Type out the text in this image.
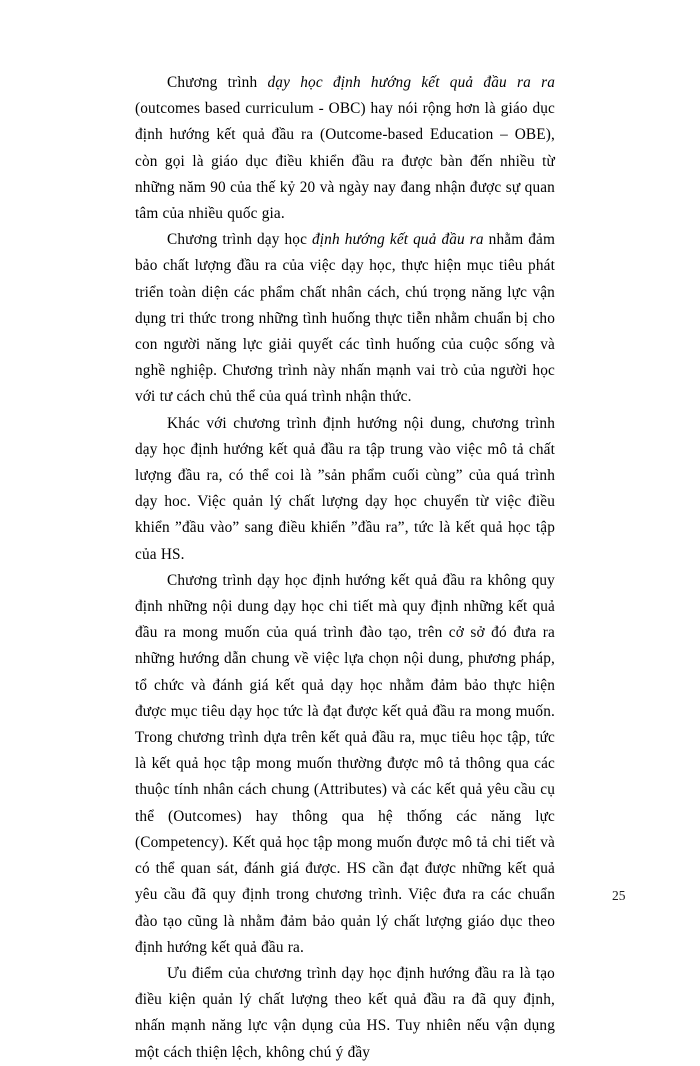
Chương trình dạy học định hướng kết quả đầu ra ra (outcomes based curriculum - OBC) hay nói rộng hơn là giáo dục định hướng kết quả đầu ra (Outcome-based Education – OBE), còn gọi là giáo dục điều khiển đầu ra được bàn đến nhiều từ những năm 90 của thế kỷ 20 và ngày nay đang nhận được sự quan tâm của nhiều quốc gia.

Chương trình dạy học định hướng kết quả đầu ra nhằm đảm bảo chất lượng đầu ra của việc dạy học, thực hiện mục tiêu phát triển toàn diện các phẩm chất nhân cách, chú trọng năng lực vận dụng tri thức trong những tình huống thực tiễn nhằm chuẩn bị cho con người năng lực giải quyết các tình huống của cuộc sống và nghề nghiệp. Chương trình này nhấn mạnh vai trò của người học với tư cách chủ thể của quá trình nhận thức.

Khác với chương trình định hướng nội dung, chương trình dạy học định hướng kết quả đầu ra tập trung vào việc mô tả chất lượng đầu ra, có thể coi là ”sản phẩm cuối cùng” của quá trình dạy hoc. Việc quản lý chất lượng dạy học chuyển từ việc điều khiển ”đầu vào” sang điều khiển ”đầu ra”, tức là kết quả học tập của HS.

Chương trình dạy học định hướng kết quả đầu ra không quy định những nội dung dạy học chi tiết mà quy định những kết quả đầu ra mong muốn của quá trình đào tạo, trên cở sở đó đưa ra những hướng dẫn chung về việc lựa chọn nội dung, phương pháp, tổ chức và đánh giá kết quả dạy học nhằm đảm bảo thực hiện được mục tiêu dạy học tức là đạt được kết quả đầu ra mong muốn. Trong chương trình dựa trên kết quả đầu ra, mục tiêu học tập, tức là kết quả học tập mong muốn thường được mô tả thông qua các thuộc tính nhân cách chung (Attributes) và các kết quả yêu cầu cụ thể (Outcomes) hay thông qua hệ thống các năng lực (Competency). Kết quả học tập mong muốn được mô tả chi tiết và có thể quan sát, đánh giá được. HS cần đạt được những kết quả yêu cầu đã quy định trong chương trình. Việc đưa ra các chuẩn đào tạo cũng là nhằm đảm bảo quản lý chất lượng giáo dục theo định hướng kết quả đầu ra.

Ưu điểm của chương trình dạy học định hướng đầu ra là tạo điều kiện quản lý chất lượng theo kết quả đầu ra đã quy định, nhấn mạnh năng lực vận dụng của HS. Tuy nhiên nếu vận dụng một cách thiện lệch, không chú ý đầy

25
